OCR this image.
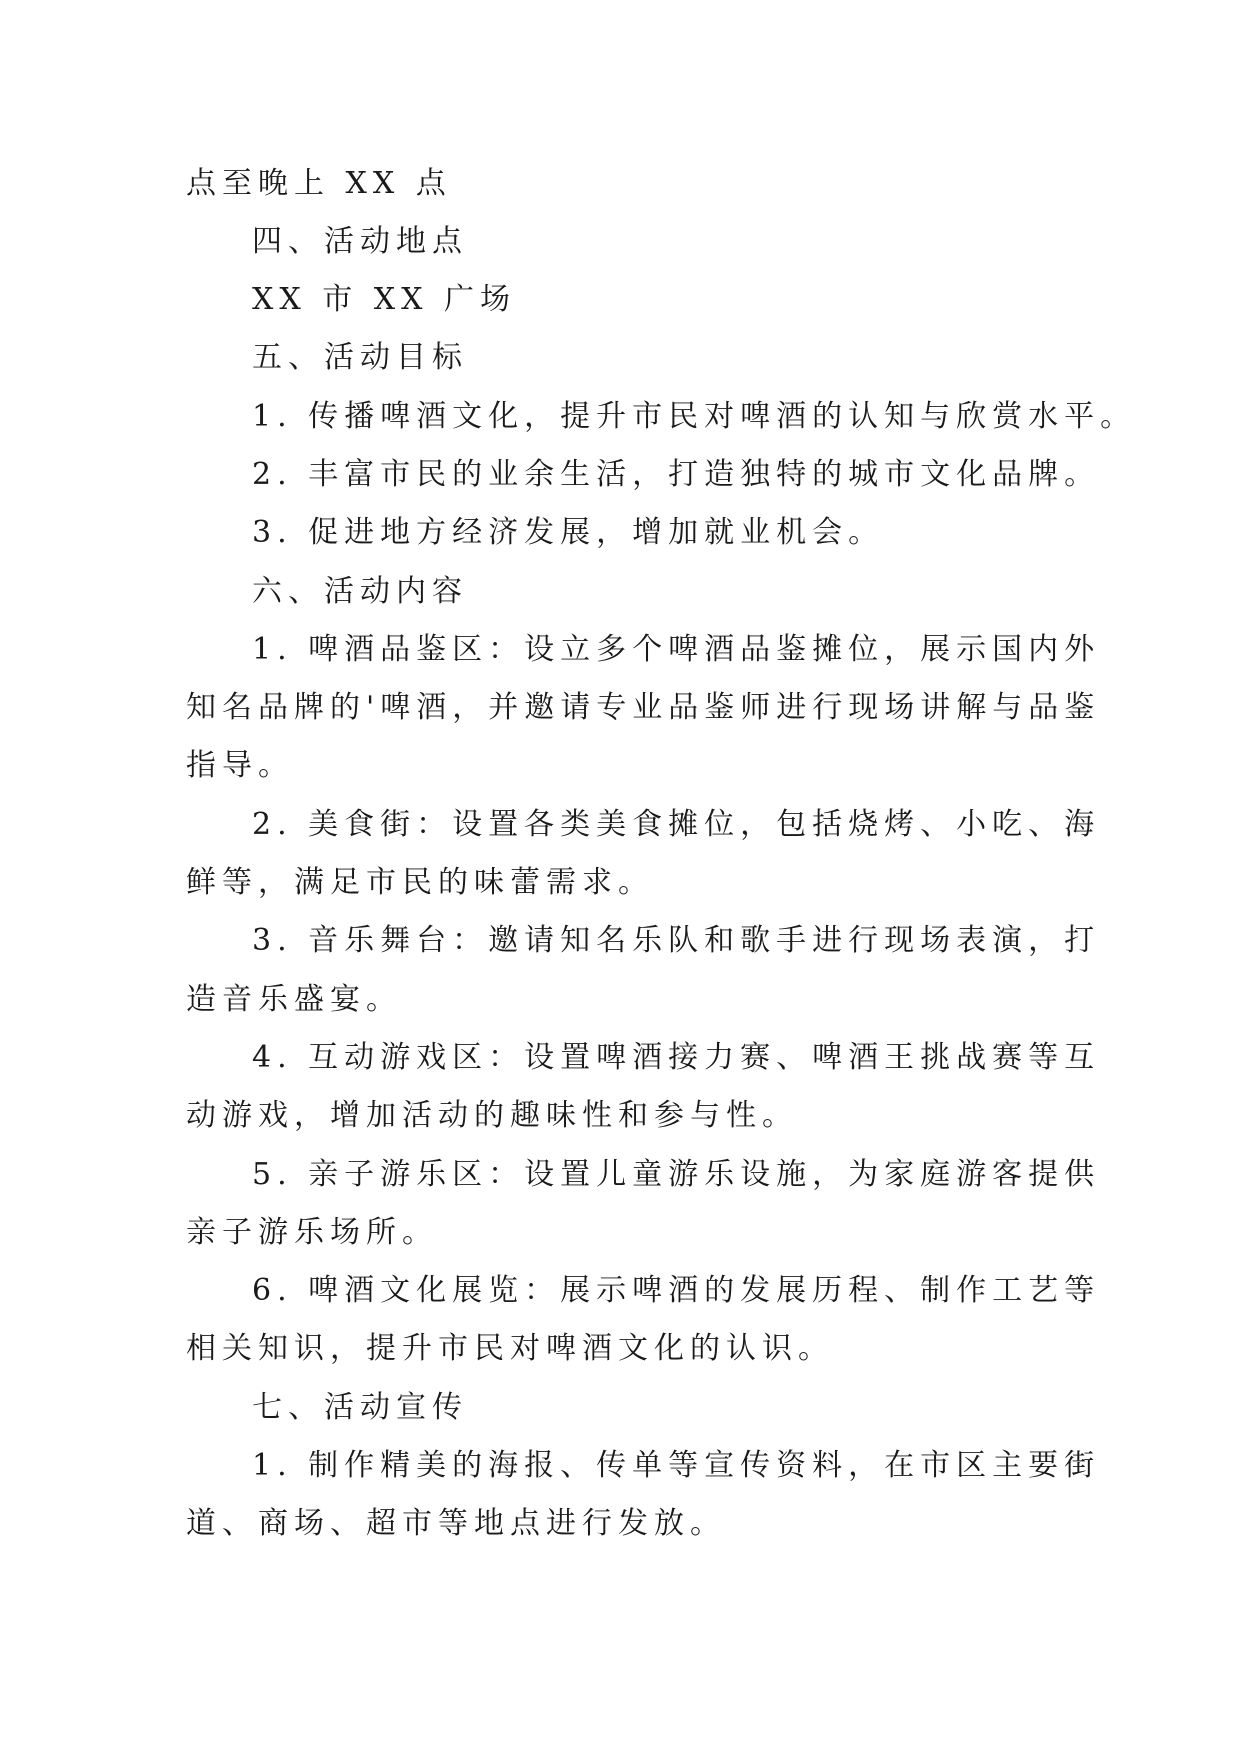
点至晚上 XX 点
四、活动地点
XX 市 XX 广场
五、活动目标
1. 传播啤酒文化，提升市民对啤酒的认知与欣赏水平。
2. 丰富市民的业余生活，打造独特的城市文化品牌。
3. 促进地方经济发展，增加就业机会。
六、活动内容
1. 啤酒品鉴区：设立多个啤酒品鉴摊位，展示国内外
知名品牌的'啤酒，并邀请专业品鉴师进行现场讲解与品鉴
指导。
2. 美食街：设置各类美食摊位，包括烧烤、小吃、海
鲜等，满足市民的味蕾需求。
3. 音乐舞台：邀请知名乐队和歌手进行现场表演，打
造音乐盛宴。
4. 互动游戏区：设置啤酒接力赛、啤酒王挑战赛等互
动游戏，增加活动的趣味性和参与性。
5. 亲子游乐区：设置儿童游乐设施，为家庭游客提供
亲子游乐场所。
6. 啤酒文化展览：展示啤酒的发展历程、制作工艺等
相关知识，提升市民对啤酒文化的认识。
七、活动宣传
1. 制作精美的海报、传单等宣传资料，在市区主要街
道、商场、超市等地点进行发放。
